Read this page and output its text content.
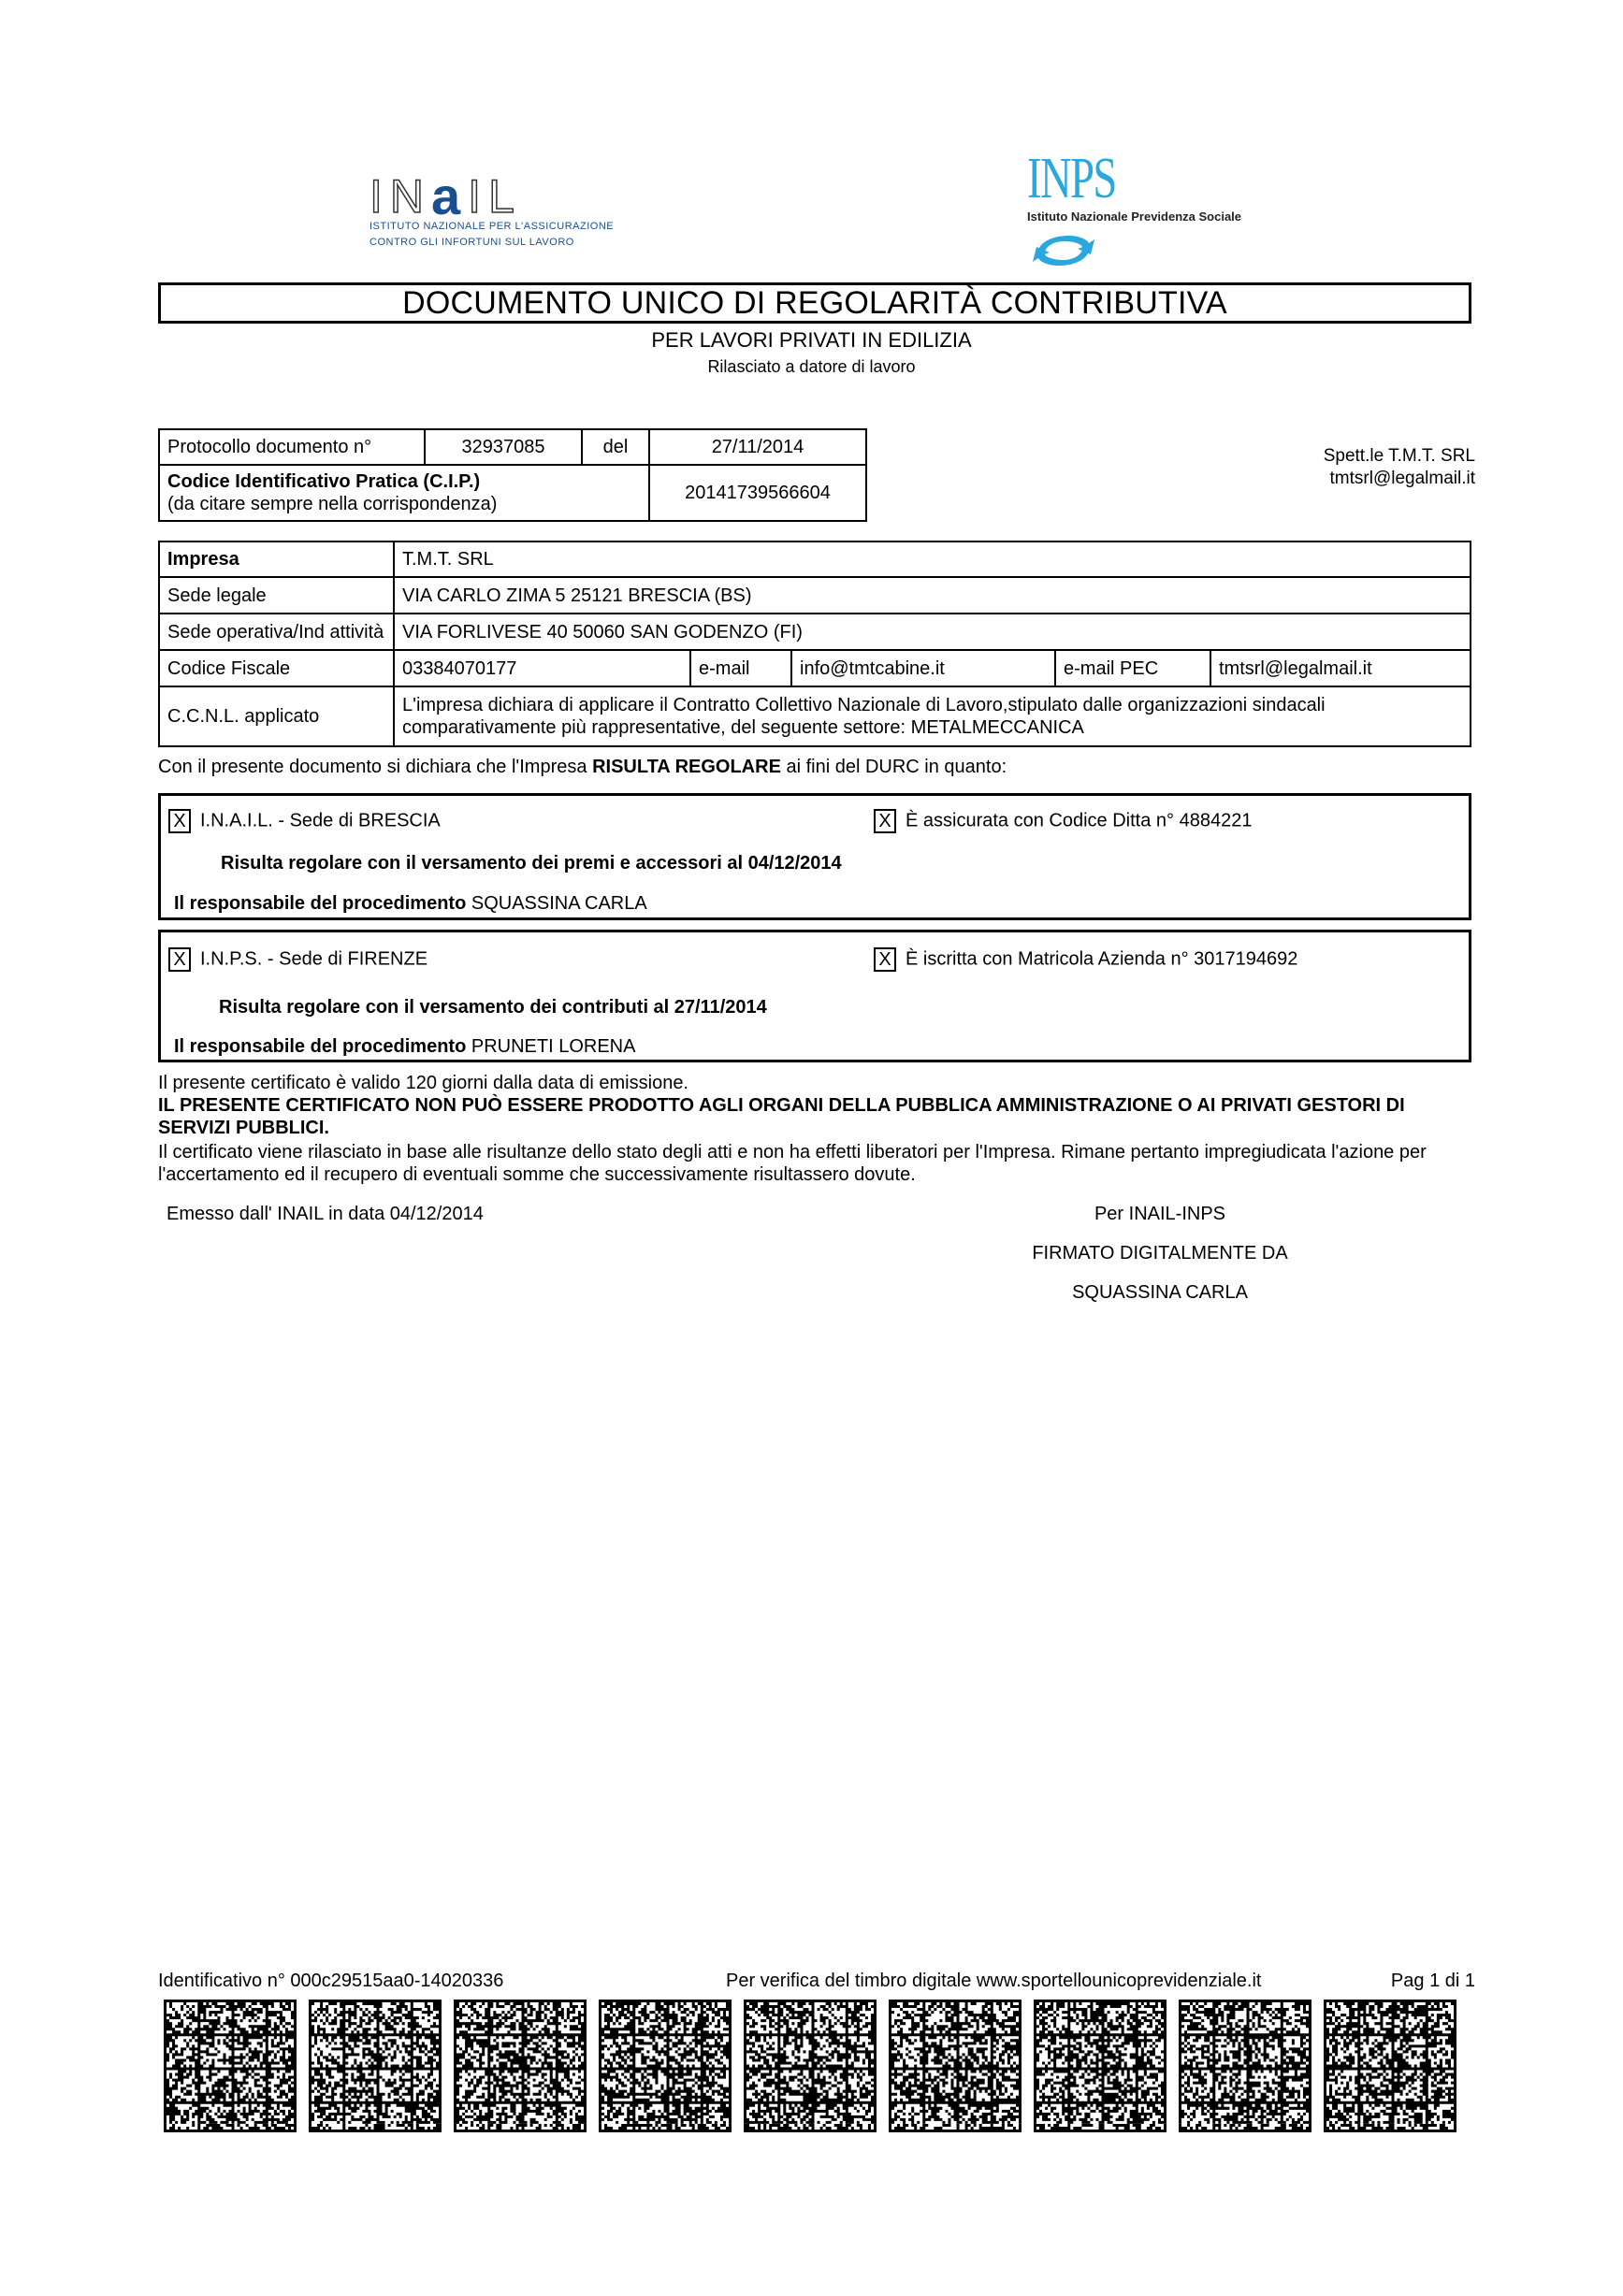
I N a I L
ISTITUTO NAZIONALE PER L'ASSICURAZIONE
CONTRO GLI INFORTUNI SUL LAVORO
INPS
Istituto Nazionale Previdenza Sociale
DOCUMENTO UNICO DI REGOLARITÀ CONTRIBUTIVA
PER LAVORI PRIVATI IN EDILIZIA
Rilasciato a datore di lavoro
Protocollo documento n°	32937085	del	27/11/2014

Codice Identificativo Pratica (C.I.P.)
(da citare sempre nella corrispondenza)			20141739566604
Spett.le T.M.T. SRL
tmtsrl@legalmail.it
Impresa	T.M.T. SRL				
Sede legale	VIA CARLO ZIMA 5 25121 BRESCIA (BS)				
Sede operativa/Ind attività	VIA FORLIVESE 40 50060 SAN GODENZO (FI)				
Codice Fiscale	03384070177	e-mail	info@tmtcabine.it	e-mail PEC	tmtsrl@legalmail.it
C.C.N.L. applicato	L'impresa dichiara di applicare il Contratto Collettivo Nazionale di Lavoro,stipulato dalle organizzazioni sindacali
comparativamente più rappresentative, del seguente settore: METALMECCANICA				
Con il presente documento si dichiara che l'Impresa RISULTA REGOLARE ai fini del DURC in quanto:
X I.N.A.I.L. - Sede di BRESCIA	X È assicurata con Codice Ditta n° 4884221
Risulta regolare con il versamento dei premi e accessori al 04/12/2014
Il responsabile del procedimento SQUASSINA CARLA
X I.N.P.S. - Sede di FIRENZE	X È iscritta con Matricola Azienda n° 3017194692
Risulta regolare con il versamento dei contributi al 27/11/2014
Il responsabile del procedimento PRUNETI LORENA
Il presente certificato è valido 120 giorni dalla data di emissione.
IL PRESENTE CERTIFICATO NON PUÒ ESSERE PRODOTTO AGLI ORGANI DELLA PUBBLICA AMMINISTRAZIONE O AI PRIVATI GESTORI DI
SERVIZI PUBBLICI.
Il certificato viene rilasciato in base alle risultanze dello stato degli atti e non ha effetti liberatori per l'Impresa. Rimane pertanto impregiudicata l'azione per
l'accertamento ed il recupero di eventuali somme che successivamente risultassero dovute.
Emesso dall' INAIL in data 04/12/2014	Per INAIL-INPS
FIRMATO DIGITALMENTE DA
SQUASSINA CARLA
Identificativo n° 000c29515aa0-14020336	Per verifica del timbro digitale www.sportellounicoprevidenziale.it	Pag 1 di 1
